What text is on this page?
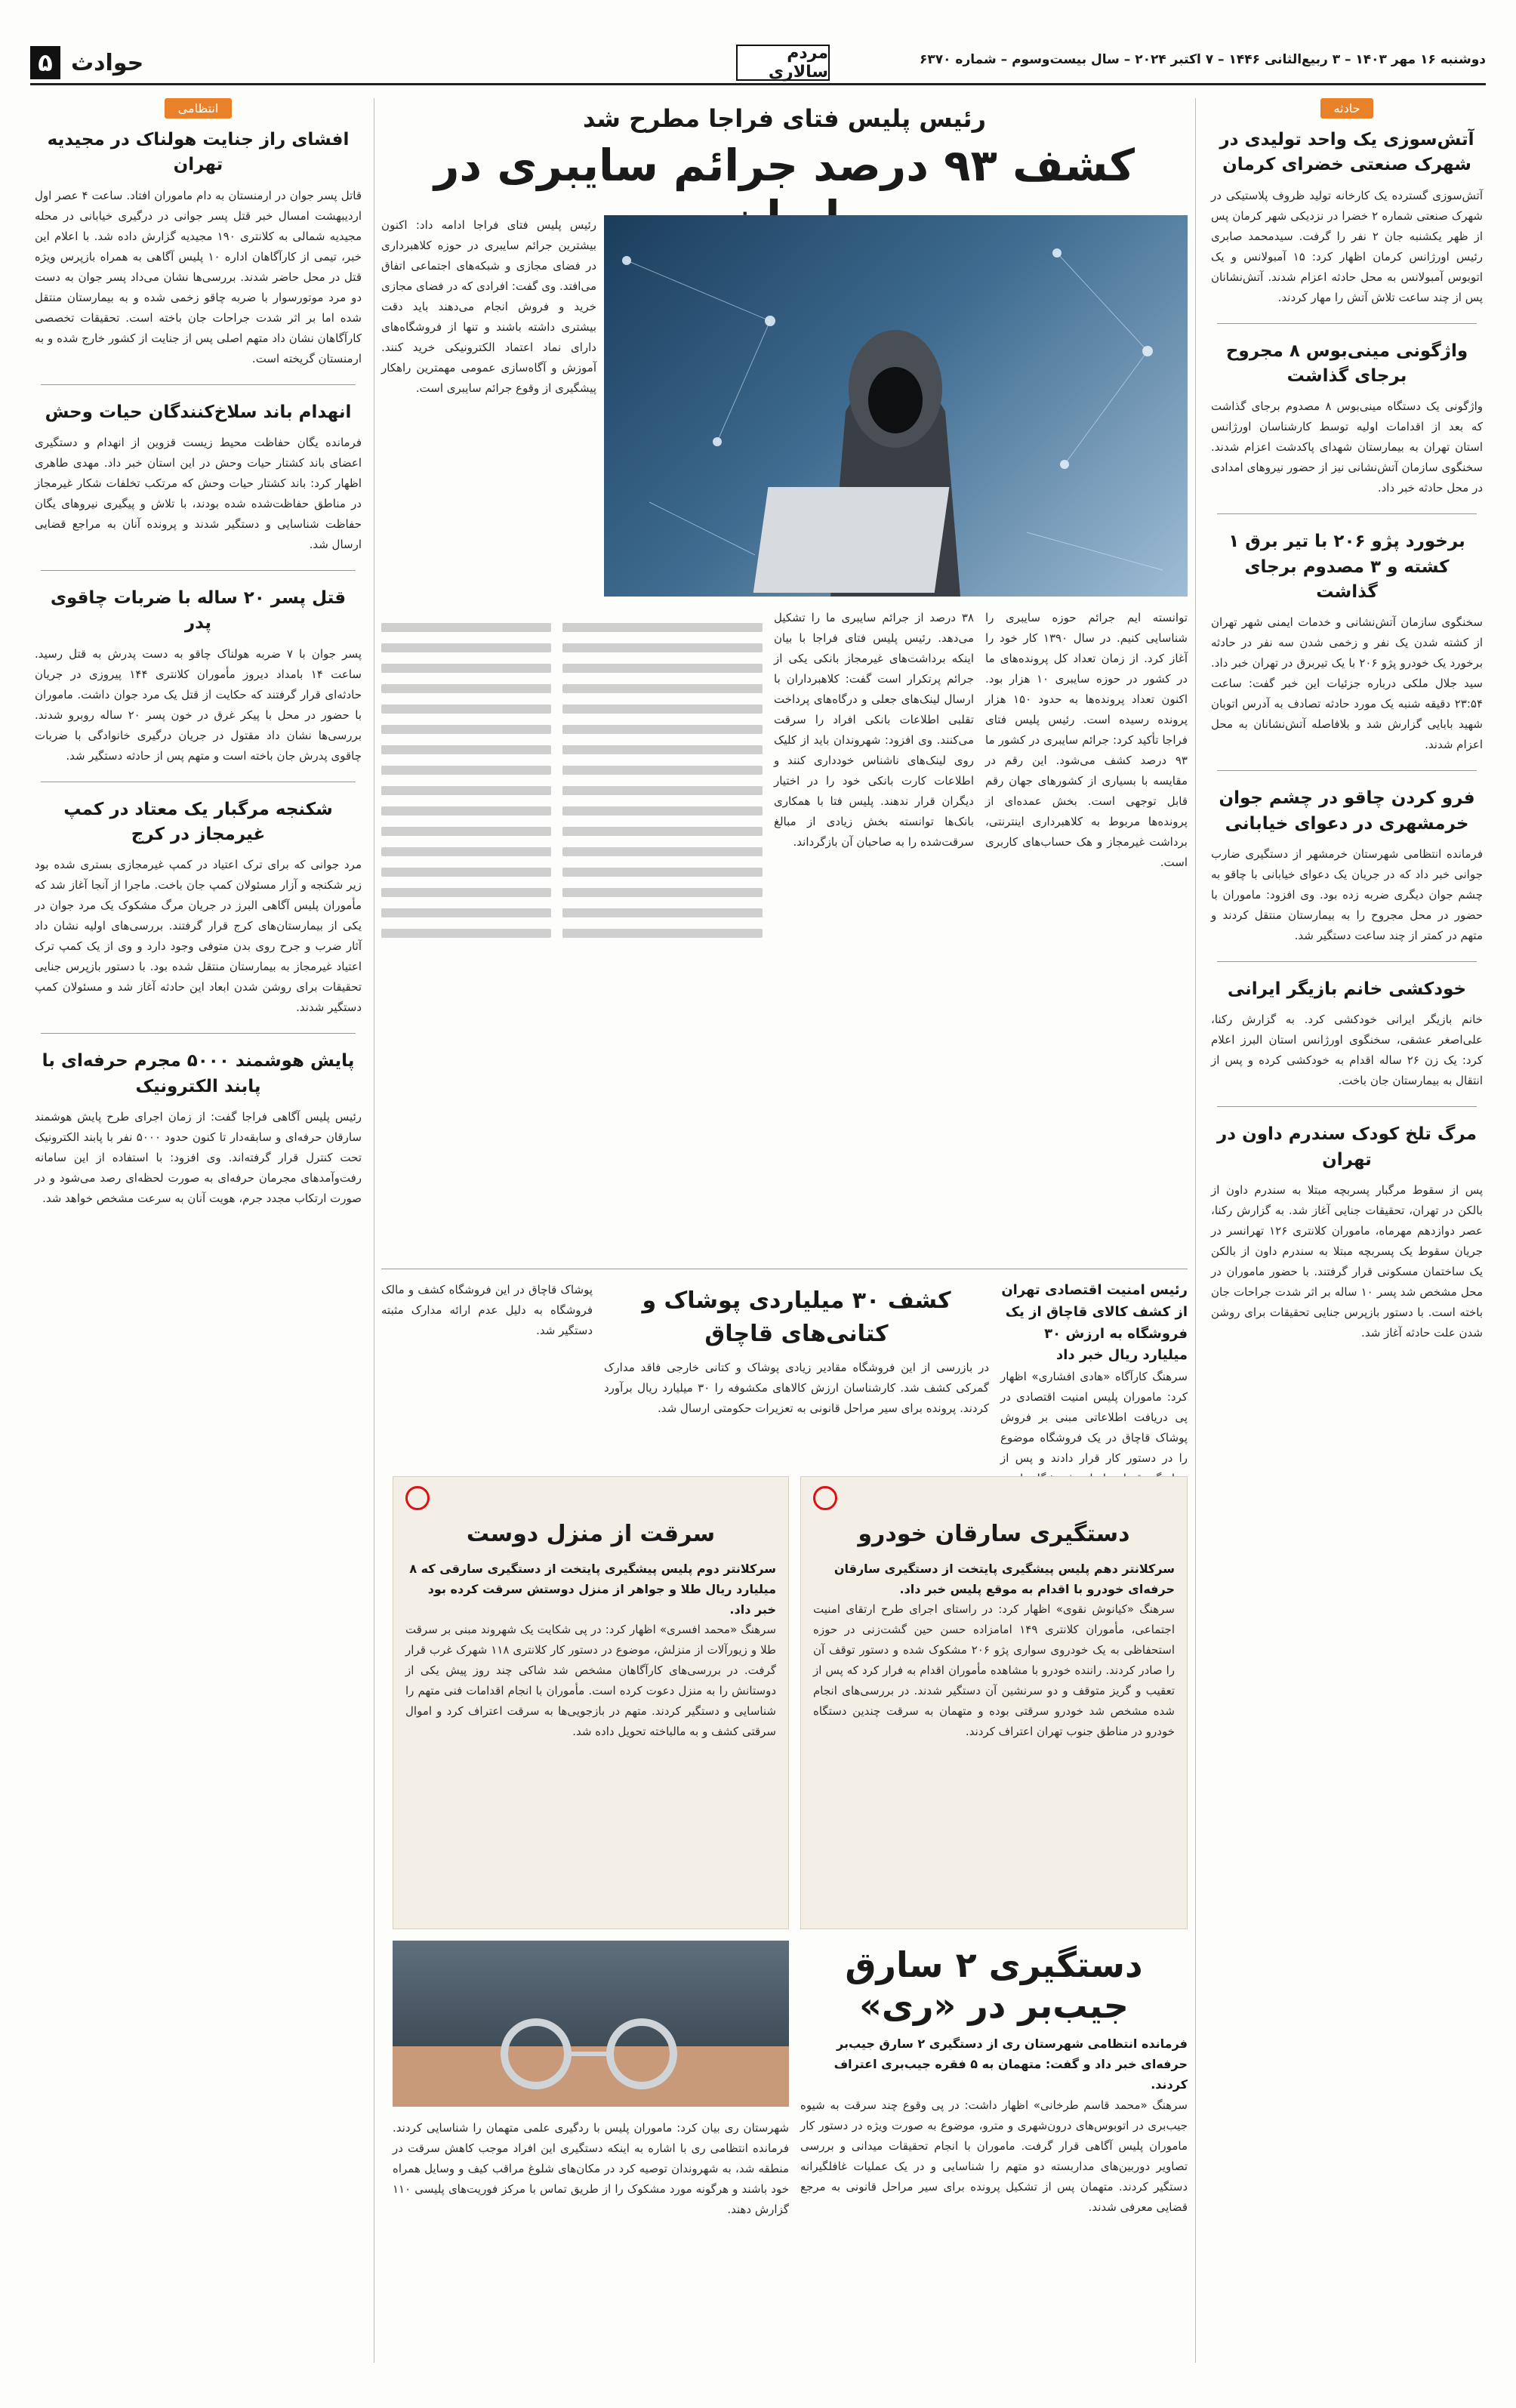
دوشنبه ۱۶ مهر ۱۴۰۳ – ۳ ربیع‌الثانی ۱۴۴۶ – ۷ اکتبر ۲۰۲۴ – سال بیست‌وسوم – شماره ۶۳۷۰
مردم سالاری
حوادث
۵
حادثه
آتش‌سوزی یک واحد تولیدی در شهرک صنعتی خضرای کرمان
آتش‌سوزی گسترده یک کارخانه تولید ظروف پلاستیکی در شهرک صنعتی شماره ۲ خضرا در نزدیکی شهر کرمان پس از ظهر یکشنبه جان ۲ نفر را گرفت. سیدمحمد صابری رئیس اورژانس کرمان اظهار کرد: ۱۵ آمبولانس و یک اتوبوس آمبولانس به محل حادثه اعزام شدند. آتش‌نشانان پس از چند ساعت تلاش آتش را مهار کردند.
واژگونی مینی‌بوس ۸ مجروح برجای گذاشت
واژگونی یک دستگاه مینی‌بوس ۸ مصدوم برجای گذاشت که بعد از اقدامات اولیه توسط کارشناسان اورژانس استان تهران به بیمارستان شهدای پاکدشت اعزام شدند. سخنگوی سازمان آتش‌نشانی نیز از حضور نیروهای امدادی در محل حادثه خبر داد.
برخورد پژو ۲۰۶ با تیر برق ۱ کشته و ۳ مصدوم برجای گذاشت
سخنگوی سازمان آتش‌نشانی و خدمات ایمنی شهر تهران از کشته شدن یک نفر و زخمی شدن سه نفر در حادثه برخورد یک خودرو پژو ۲۰۶ با یک تیربرق در تهران خبر داد. سید جلال ملکی درباره جزئیات این خبر گفت: ساعت ۲۳:۵۴ دقیقه شنبه یک مورد حادثه تصادف به آدرس اتوبان شهید بابایی گزارش شد و بلافاصله آتش‌نشانان به محل اعزام شدند.
فرو کردن چاقو در چشم جوان خرمشهری در دعوای خیابانی
فرمانده انتظامی شهرستان خرمشهر از دستگیری ضارب جوانی خبر داد که در جریان یک دعوای خیابانی با چاقو به چشم جوان دیگری ضربه زده بود. وی افزود: ماموران با حضور در محل مجروح را به بیمارستان منتقل کردند و متهم در کمتر از چند ساعت دستگیر شد.
خودکشی خانم بازیگر ایرانی
خانم بازیگر ایرانی خودکشی کرد. به گزارش رکنا، علی‌اصغر عشقی، سخنگوی اورژانس استان البرز اعلام کرد: یک زن ۲۶ ساله اقدام به خودکشی کرده و پس از انتقال به بیمارستان جان باخت.
مرگ تلخ کودک سندرم داون در تهران
پس از سقوط مرگبار پسربچه مبتلا به سندرم داون از بالکن در تهران، تحقیقات جنایی آغاز شد. به گزارش رکنا، عصر دوازدهم مهرماه، ماموران کلانتری ۱۲۶ تهرانسر در جریان سقوط یک پسربچه مبتلا به سندرم داون از بالکن یک ساختمان مسکونی قرار گرفتند. با حضور ماموران در محل مشخص شد پسر ۱۰ ساله بر اثر شدت جراحات جان باخته است. با دستور بازپرس جنایی تحقیقات برای روشن شدن علت حادثه آغاز شد.
انتظامی
افشای راز جنایت هولناک در مجیدیه تهران
قاتل پسر جوان در ارمنستان به دام ماموران افتاد. ساعت ۴ عصر اول اردیبهشت امسال خبر قتل پسر جوانی در درگیری خیابانی در محله مجیدیه شمالی به کلانتری ۱۹۰ مجیدیه گزارش داده شد. با اعلام این خبر، تیمی از کارآگاهان اداره ۱۰ پلیس آگاهی به همراه بازپرس ویژه قتل در محل حاضر شدند. بررسی‌ها نشان می‌داد پسر جوان به دست دو مرد موتورسوار با ضربه چاقو زخمی شده و به بیمارستان منتقل شده اما بر اثر شدت جراحات جان باخته است. تحقیقات تخصصی کارآگاهان نشان داد متهم اصلی پس از جنایت از کشور خارج شده و به ارمنستان گریخته است.
انهدام باند سلاخ‌کنندگان حیات وحش
فرمانده یگان حفاظت محیط زیست قزوین از انهدام و دستگیری اعضای باند کشتار حیات وحش در این استان خبر داد. مهدی طاهری اظهار کرد: باند کشتار حیات وحش که مرتکب تخلفات شکار غیرمجاز در مناطق حفاظت‌شده شده بودند، با تلاش و پیگیری نیروهای یگان حفاظت شناسایی و دستگیر شدند و پرونده آنان به مراجع قضایی ارسال شد.
قتل پسر ۲۰ ساله با ضربات چاقوی پدر
پسر جوان با ۷ ضربه هولناک چاقو به دست پدرش به قتل رسید. ساعت ۱۴ بامداد دیروز مأموران کلانتری ۱۴۴ پیروزی در جریان حادثه‌ای قرار گرفتند که حکایت از قتل یک مرد جوان داشت. ماموران با حضور در محل با پیکر غرق در خون پسر ۲۰ ساله روبرو شدند. بررسی‌ها نشان داد مقتول در جریان درگیری خانوادگی با ضربات چاقوی پدرش جان باخته است و متهم پس از حادثه دستگیر شد.
شکنجه مرگبار یک معتاد در کمپ غیرمجاز در کرج
مرد جوانی که برای ترک اعتیاد در کمپ غیرمجازی بستری شده بود زیر شکنجه و آزار مسئولان کمپ جان باخت. ماجرا از آنجا آغاز شد که مأموران پلیس آگاهی البرز در جریان مرگ مشکوک یک مرد جوان در یکی از بیمارستان‌های کرج قرار گرفتند. بررسی‌های اولیه نشان داد آثار ضرب و جرح روی بدن متوفی وجود دارد و وی از یک کمپ ترک اعتیاد غیرمجاز به بیمارستان منتقل شده بود. با دستور بازپرس جنایی تحقیقات برای روشن شدن ابعاد این حادثه آغاز شد و مسئولان کمپ دستگیر شدند.
پایش هوشمند ۵۰۰۰ مجرم حرفه‌ای با پابند الکترونیک
رئیس پلیس آگاهی فراجا گفت: از زمان اجرای طرح پایش هوشمند سارقان حرفه‌ای و سابقه‌دار تا کنون حدود ۵۰۰۰ نفر با پابند الکترونیک تحت کنترل قرار گرفته‌اند. وی افزود: با استفاده از این سامانه رفت‌وآمدهای مجرمان حرفه‌ای به صورت لحظه‌ای رصد می‌شود و در صورت ارتکاب مجدد جرم، هویت آنان به سرعت مشخص خواهد شد.
رئیس پلیس فتای فراجا مطرح شد
کشف ۹۳ درصد جرائم سایبری در
رئیس پلیس فتای فراجا ادامه داد: اکنون بیشترین جرائم سایبری در حوزه کلاهبرداری در فضای مجازی و شبکه‌های اجتماعی اتفاق می‌افتد. وی گفت: افرادی که در فضای مجازی خرید و فروش انجام می‌دهند باید دقت بیشتری داشته باشند و تنها از فروشگاه‌های دارای نماد اعتماد الکترونیکی خرید کنند. آموزش و آگاه‌سازی عمومی مهمترین راهکار پیشگیری از وقوع جرائم سایبری است.
توانسته ایم جرائم حوزه سایبری را شناسایی کنیم. در سال ۱۳۹۰ کار خود را آغاز کرد. از زمان تعداد کل پرونده‌های ما در کشور در حوزه سایبری ۱۰ هزار بود. اکنون تعداد پرونده‌ها به حدود ۱۵۰ هزار پرونده رسیده است. رئیس پلیس فتای فراجا تأکید کرد: جرائم سایبری در کشور ما ۹۳ درصد کشف می‌شود. این رقم در مقایسه با بسیاری از کشورهای جهان رقم قابل توجهی است. بخش عمده‌ای از پرونده‌ها مربوط به کلاهبرداری اینترنتی، برداشت غیرمجاز و هک حساب‌های کاربری است.
۳۸ درصد از جرائم سایبری ما را تشکیل می‌دهد. رئیس پلیس فتای فراجا با بیان اینکه برداشت‌های غیرمجاز بانکی یکی از جرائم پرتکرار است گفت: کلاهبرداران با ارسال لینک‌های جعلی و درگاه‌های پرداخت تقلبی اطلاعات بانکی افراد را سرقت می‌کنند. وی افزود: شهروندان باید از کلیک روی لینک‌های ناشناس خودداری کنند و اطلاعات کارت بانکی خود را در اختیار دیگران قرار ندهند. پلیس فتا با همکاری بانک‌ها توانسته بخش زیادی از مبالغ سرقت‌شده را به صاحبان آن بازگرداند.
رئیس امنیت اقتصادی تهران از کشف کالای قاچاق از یک فروشگاه به ارزش ۳۰ میلیارد ریال خبر داد
سرهنگ کارآگاه «هادی افشاری» اظهار کرد: ماموران پلیس امنیت اقتصادی در پی دریافت اطلاعاتی مبنی بر فروش پوشاک قاچاق در یک فروشگاه موضوع را در دستور کار قرار دادند و پس از
کشف ۳۰ میلیاردی پوشاک و کتانی‌های قاچاق
در بازرسی از این فروشگاه مقادیر زیادی پوشاک و کتانی خارجی فاقد مدارک گمرکی کشف شد. کارشناسان ارزش کالاهای مکشوفه را ۳۰ میلیارد ریال برآورد کردند. پرونده برای سیر مراحل قانونی به تعزیرات حکومتی ارسال شد.
پوشاک قاچاق در این فروشگاه کشف و مالک فروشگاه به دلیل عدم ارائه مدارک مثبته دستگیر شد.
دستگیری سارقان خودرو
سرکلانتر دهم پلیس پیشگیری پایتخت از دستگیری سارقان حرفه‌ای خودرو با اقدام به موقع پلیس خبر داد.
سرهنگ «کیانوش نقوی» اظهار کرد: در راستای اجرای طرح ارتقای امنیت اجتماعی، مأموران کلانتری ۱۴۹ امامزاده حسن حین گشت‌زنی در حوزه استحفاظی به یک خودروی سواری پژو ۲۰۶ مشکوک شده و دستور توقف آن را صادر کردند. راننده خودرو با مشاهده مأموران اقدام به فرار کرد که پس از تعقیب و گریز متوقف و دو سرنشین آن دستگیر شدند. در بررسی‌های انجام شده مشخص شد خودرو سرقتی بوده و متهمان به سرقت چندین دستگاه خودرو در مناطق جنوب تهران اعتراف کردند.
سرقت از منزل دوست
سرکلانتر دوم پلیس پیشگیری پایتخت از دستگیری سارقی که ۸ میلیارد ریال طلا و جواهر از منزل دوستش سرقت کرده بود خبر داد.
سرهنگ «محمد افسری» اظهار کرد: در پی شکایت یک شهروند مبنی بر سرقت طلا و زیورآلات از منزلش، موضوع در دستور کار کلانتری ۱۱۸ شهرک غرب قرار گرفت. در بررسی‌های کارآگاهان مشخص شد شاکی چند روز پیش یکی از دوستانش را به منزل دعوت کرده است. مأموران با انجام اقدامات فنی متهم را شناسایی و دستگیر کردند. متهم در بازجویی‌ها به سرقت اعتراف کرد و اموال سرقتی کشف و به مالباخته تحویل داده شد.
دستگیری ۲ سارق جیب‌بر در «ری»
فرمانده انتظامی شهرستان ری از دستگیری ۲ سارق جیب‌بر حرفه‌ای خبر داد و گفت: متهمان به ۵ فقره جیب‌بری اعتراف کردند.
سرهنگ «محمد قاسم طرخانی» اظهار داشت: در پی وقوع چند سرقت به شیوه جیب‌بری در اتوبوس‌های درون‌شهری و مترو، موضوع به صورت ویژه در دستور کار ماموران پلیس آگاهی قرار گرفت. ماموران با انجام تحقیقات میدانی و بررسی تصاویر دوربین‌های مداربسته دو متهم را شناسایی و در یک عملیات غافلگیرانه دستگیر کردند. متهمان پس از تشکیل پرونده برای سیر مراحل قانونی به مرجع قضایی معرفی شدند.
شهرستان ری بیان کرد: ماموران پلیس با ردگیری علمی متهمان را شناسایی کردند. فرمانده انتظامی ری با اشاره به اینکه دستگیری این افراد موجب کاهش سرقت در منطقه شد، به شهروندان توصیه کرد در مکان‌های شلوغ مراقب کیف و وسایل همراه خود باشند و هرگونه مورد مشکوک را از طریق تماس با مرکز فوریت‌های پلیسی ۱۱۰ گزارش دهند.
